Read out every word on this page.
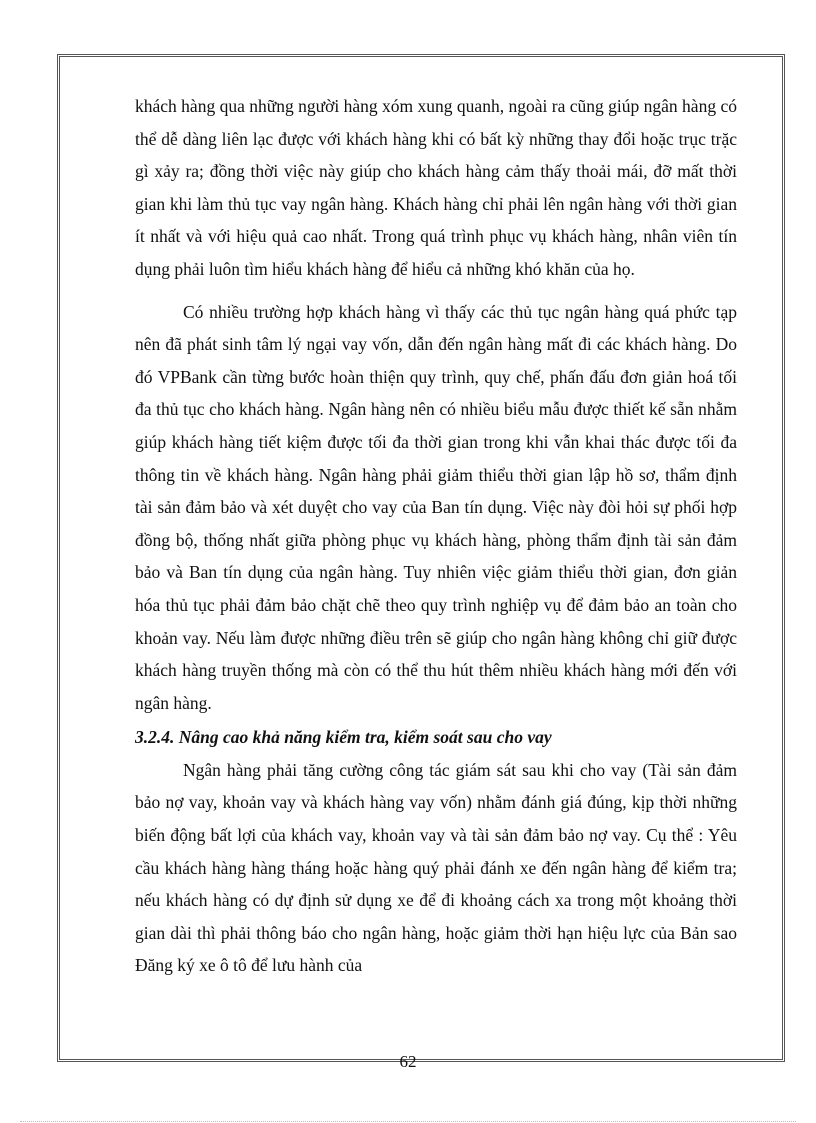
khách hàng qua những người hàng xóm xung quanh, ngoài ra cũng giúp ngân hàng có thể dễ dàng liên lạc được với khách hàng khi có bất kỳ những thay đổi hoặc trục trặc gì xảy ra; đồng thời việc này giúp cho khách hàng cảm thấy thoải mái, đỡ mất thời gian khi làm thủ tục vay ngân hàng. Khách hàng chỉ phải lên ngân hàng với thời gian ít nhất và với hiệu quả cao nhất. Trong quá trình phục vụ khách hàng, nhân viên tín dụng phải luôn tìm hiểu khách hàng để hiểu cả những khó khăn của họ.

Có nhiều trường hợp khách hàng vì thấy các thủ tục ngân hàng quá phức tạp nên đã phát sinh tâm lý ngại vay vốn, dẫn đến ngân hàng mất đi các khách hàng. Do đó VPBank cần từng bước hoàn thiện quy trình, quy chế, phấn đấu đơn giản hoá tối đa thủ tục cho khách hàng. Ngân hàng nên có nhiều biểu mẫu được thiết kế sẵn nhằm giúp khách hàng tiết kiệm được tối đa thời gian trong khi vẫn khai thác được tối đa thông tin về khách hàng. Ngân hàng phải giảm thiểu thời gian lập hồ sơ, thẩm định tài sản đảm bảo và xét duyệt cho vay của Ban tín dụng. Việc này đòi hỏi sự phối hợp đồng bộ, thống nhất giữa phòng phục vụ khách hàng, phòng thẩm định tài sản đảm bảo và Ban tín dụng của ngân hàng. Tuy nhiên việc giảm thiểu thời gian, đơn giản hóa thủ tục phải đảm bảo chặt chẽ theo quy trình nghiệp vụ để đảm bảo an toàn cho khoản vay. Nếu làm được những điều trên sẽ giúp cho ngân hàng không chỉ giữ được khách hàng truyền thống mà còn có thể thu hút thêm nhiều khách hàng mới đến với ngân hàng.

3.2.4. Nâng cao khả năng kiểm tra, kiểm soát sau cho vay

Ngân hàng phải tăng cường công tác giám sát sau khi cho vay (Tài sản đảm bảo nợ vay, khoản vay và khách hàng vay vốn) nhằm đánh giá đúng, kịp thời những biến động bất lợi của khách vay, khoản vay và tài sản đảm bảo nợ vay. Cụ thể : Yêu cầu khách hàng hàng tháng hoặc hàng quý phải đánh xe đến ngân hàng để kiểm tra; nếu khách hàng có dự định sử dụng xe để đi khoảng cách xa trong một khoảng thời gian dài thì phải thông báo cho ngân hàng, hoặc giảm thời hạn hiệu lực của Bản sao Đăng ký xe ô tô để lưu hành của

62
